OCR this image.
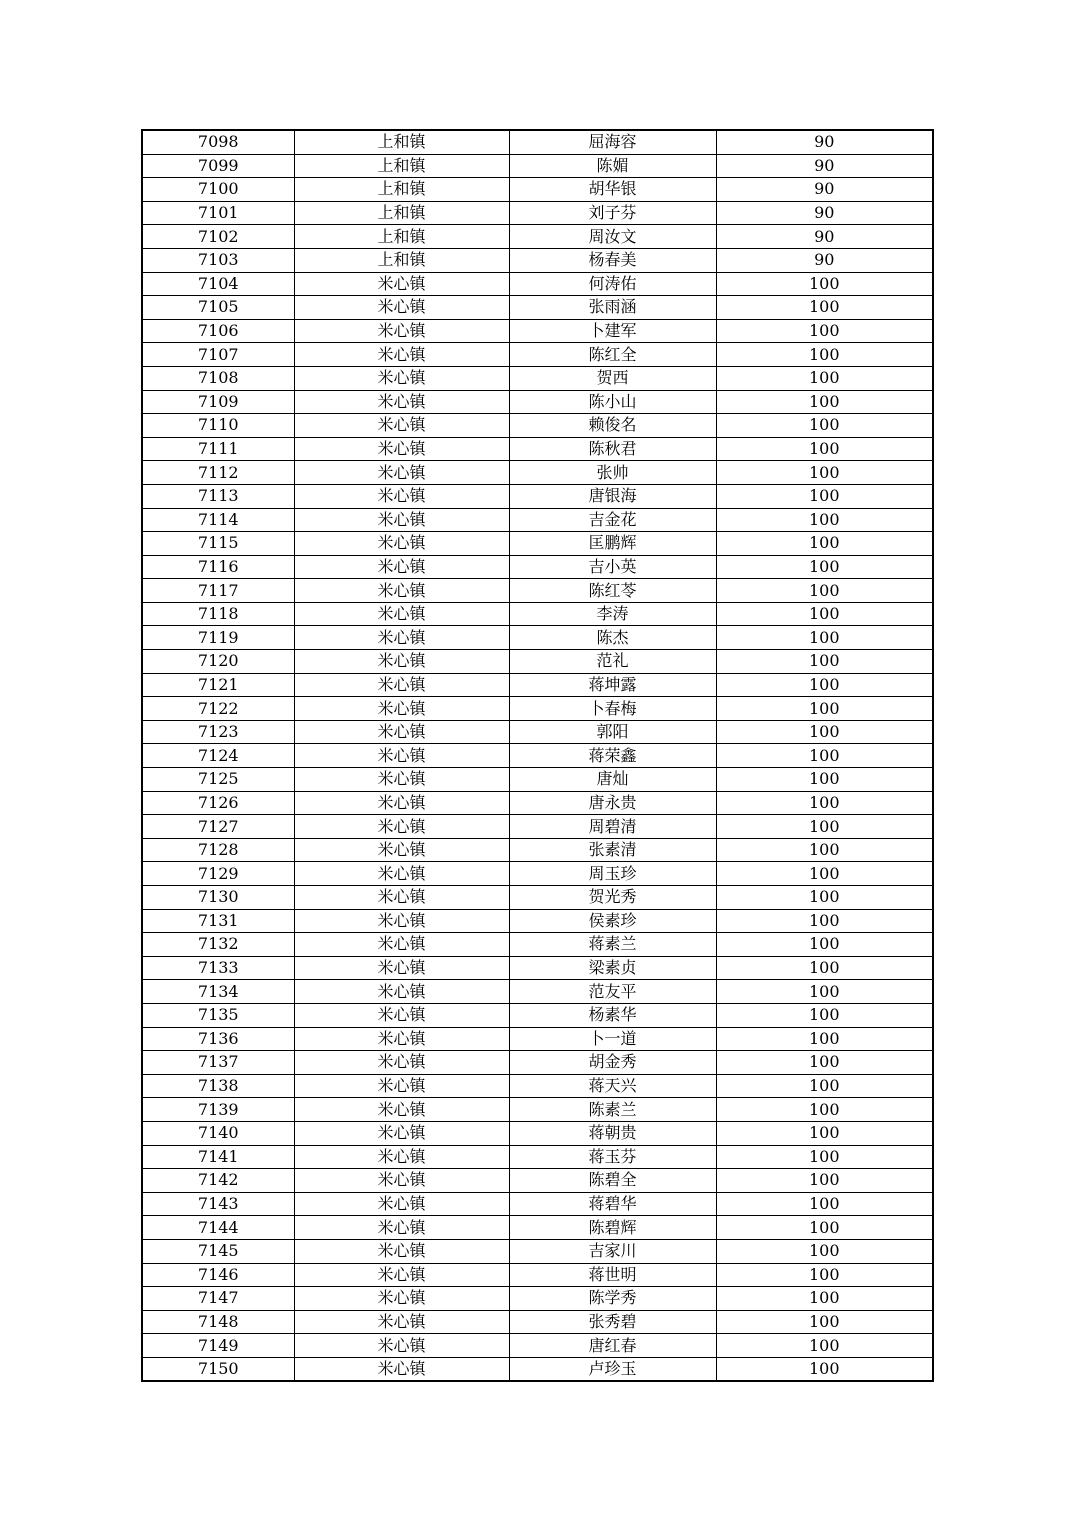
7098	上和镇	屈海容	90
7099	上和镇	陈媚	90
7100	上和镇	胡华银	90
7101	上和镇	刘子芬	90
7102	上和镇	周汝文	90
7103	上和镇	杨春美	90
7104	米心镇	何涛佑	100
7105	米心镇	张雨涵	100
7106	米心镇	卜建军	100
7107	米心镇	陈红全	100
7108	米心镇	贺西	100
7109	米心镇	陈小山	100
7110	米心镇	赖俊名	100
7111	米心镇	陈秋君	100
7112	米心镇	张帅	100
7113	米心镇	唐银海	100
7114	米心镇	吉金花	100
7115	米心镇	匡鹏辉	100
7116	米心镇	吉小英	100
7117	米心镇	陈红苓	100
7118	米心镇	李涛	100
7119	米心镇	陈杰	100
7120	米心镇	范礼	100
7121	米心镇	蒋坤露	100
7122	米心镇	卜春梅	100
7123	米心镇	郭阳	100
7124	米心镇	蒋荣鑫	100
7125	米心镇	唐灿	100
7126	米心镇	唐永贵	100
7127	米心镇	周碧清	100
7128	米心镇	张素清	100
7129	米心镇	周玉珍	100
7130	米心镇	贺光秀	100
7131	米心镇	侯素珍	100
7132	米心镇	蒋素兰	100
7133	米心镇	梁素贞	100
7134	米心镇	范友平	100
7135	米心镇	杨素华	100
7136	米心镇	卜一道	100
7137	米心镇	胡金秀	100
7138	米心镇	蒋天兴	100
7139	米心镇	陈素兰	100
7140	米心镇	蒋朝贵	100
7141	米心镇	蒋玉芬	100
7142	米心镇	陈碧全	100
7143	米心镇	蒋碧华	100
7144	米心镇	陈碧辉	100
7145	米心镇	吉家川	100
7146	米心镇	蒋世明	100
7147	米心镇	陈学秀	100
7148	米心镇	张秀碧	100
7149	米心镇	唐红春	100
7150	米心镇	卢珍玉	100
